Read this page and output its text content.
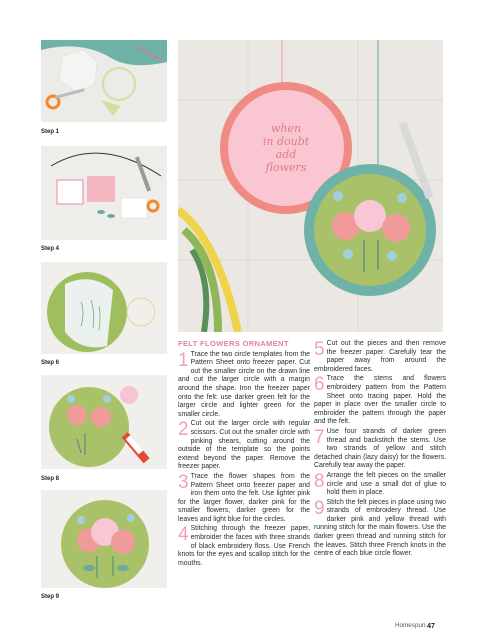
Step 1
Step 4
Step 6
Step 8
Step 9
when
in doubt
add
flowers
FELT FLOWERS ORNAMENT

1 Trace the two circle templates from the Pattern Sheet onto freezer paper. Cut out the smaller circle on the drawn line and cut the larger circle with a margin around the shape. Iron the freezer paper onto the felt: use darker green felt for the larger circle and lighter green for the smaller circle.

2 Cut out the larger circle with regular scissors. Cut out the smaller circle with pinking shears, cutting around the outside of the template so the points extend beyond the paper. Remove the freezer paper.

3 Trace the flower shapes from the Pattern Sheet onto freezer paper and iron them onto the felt. Use lighter pink for the larger flower, darker pink for the smaller flowers, darker green for the leaves and light blue for the circles.

4 Stitching through the freezer paper, embroider the faces with three strands of black embroidery floss. Use French knots for the eyes and scallop stitch for the mouths.

5 Cut out the pieces and then remove the freezer paper. Carefully tear the paper away from around the embroidered faces.

6 Trace the stems and flowers embroidery pattern from the Pattern Sheet onto tracing paper. Hold the paper in place over the smaller circle to embroider the pattern through the paper and the felt.

7 Use four strands of darker green thread and backstitch the stems. Use two strands of yellow and stitch detached chain (lazy daisy) for the flowers. Carefully tear away the paper.

8 Arrange the felt pieces on the smaller circle and use a small dot of glue to hold them in place.

9 Stitch the felt pieces in place using two strands of embroidery thread. Use darker pink and yellow thread with running stitch for the main flowers. Use the darker green thread and running stitch for the leaves. Stitch three French knots in the centre of each blue circle flower.

Homespun 47
